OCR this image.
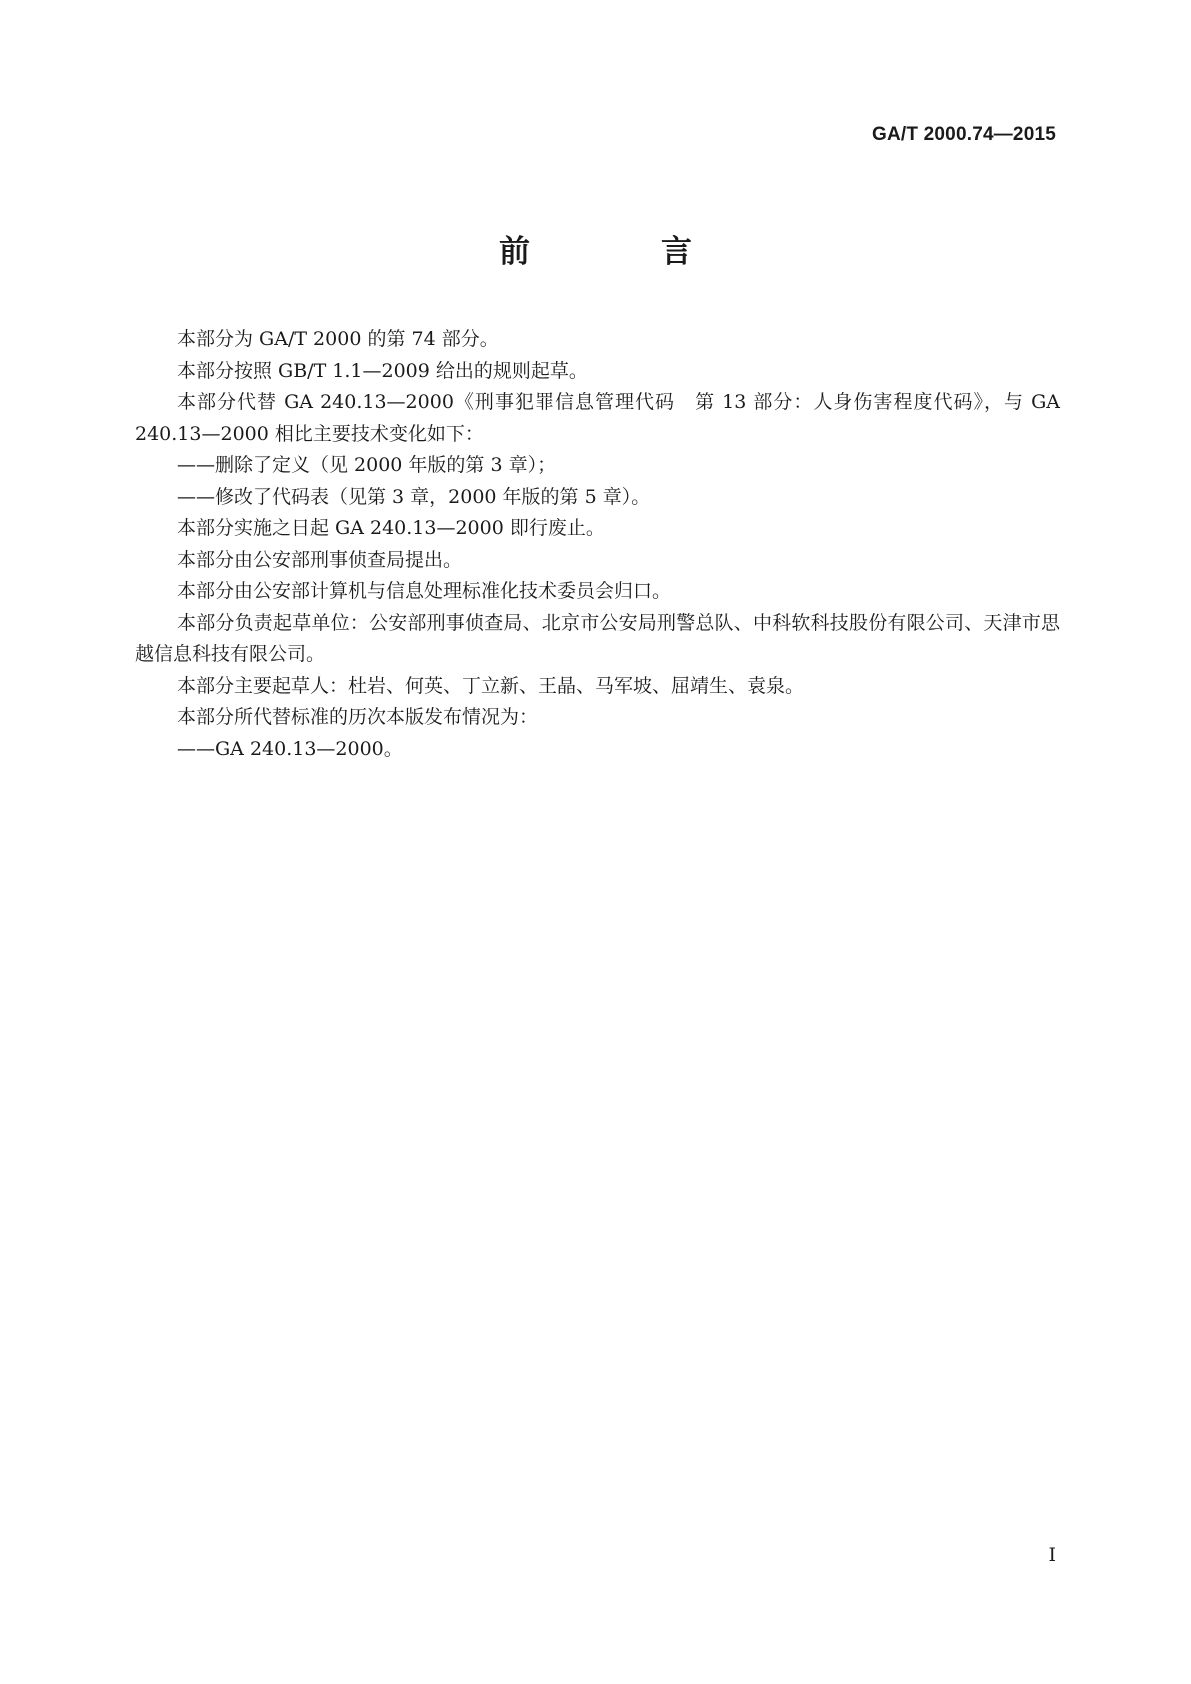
GA/T 2000.74—2015
前　言

本部分为 GA/T 2000 的第 74 部分。

本部分按照 GB/T 1.1—2009 给出的规则起草。

本部分代替 GA 240.13—2000《刑事犯罪信息管理代码　第 13 部分：人身伤害程度代码》，与 GA 240.13—2000 相比主要技术变化如下：

——删除了定义（见 2000 年版的第 3 章）；

——修改了代码表（见第 3 章，2000 年版的第 5 章）。

本部分实施之日起 GA 240.13—2000 即行废止。

本部分由公安部刑事侦查局提出。

本部分由公安部计算机与信息处理标准化技术委员会归口。

本部分负责起草单位：公安部刑事侦查局、北京市公安局刑警总队、中科软科技股份有限公司、天津市思越信息科技有限公司。

本部分主要起草人：杜岩、何英、丁立新、王晶、马军坡、屈靖生、袁泉。

本部分所代替标准的历次本版发布情况为：

——GA 240.13—2000。

I
